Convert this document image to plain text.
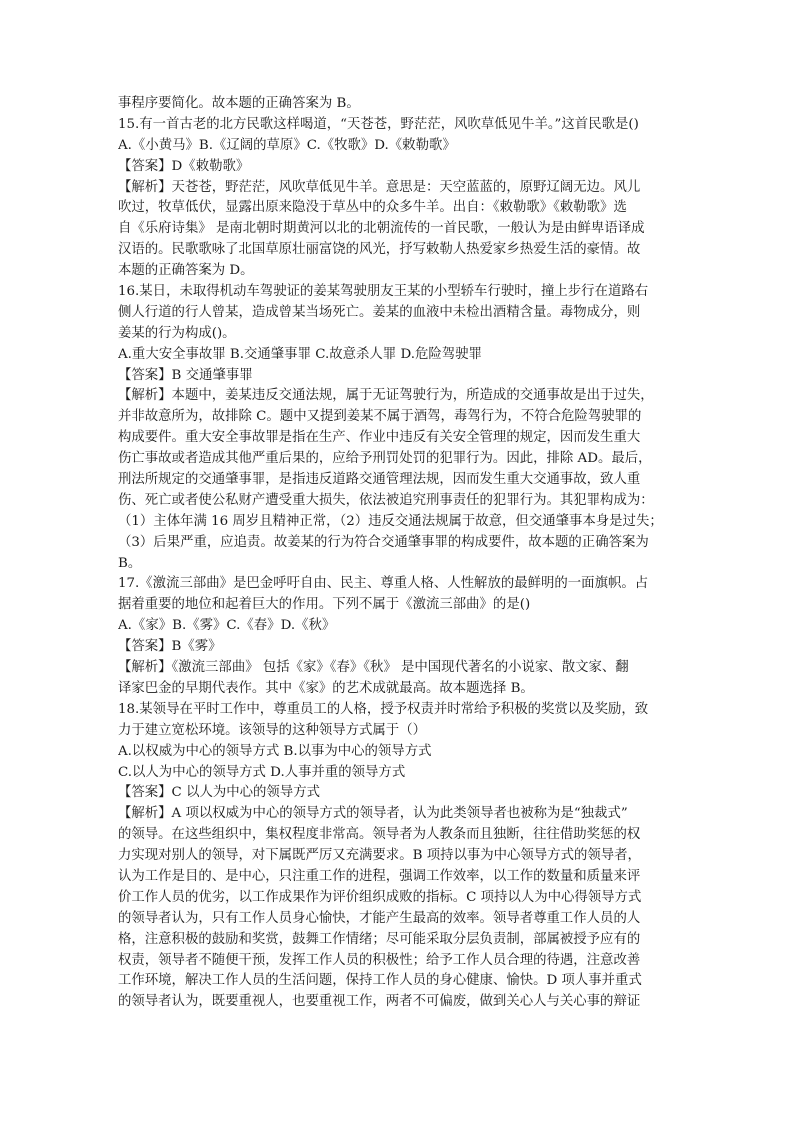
事程序要简化。故本题的正确答案为 B。
15.有一首古老的北方民歌这样喝道，“天苍苍，野茫茫，风吹草低见牛羊。”这首民歌是()
A.《小黄马》B.《辽阔的草原》C.《牧歌》D.《敕勒歌》
【答案】D《敕勒歌》
【解析】天苍苍，野茫茫，风吹草低见牛羊。意思是：天空蓝蓝的，原野辽阔无边。风儿
吹过，牧草低伏，显露出原来隐没于草丛中的众多牛羊。出自：《敕勒歌》《敕勒歌》选
自《乐府诗集》 是南北朝时期黄河以北的北朝流传的一首民歌，一般认为是由鲜卑语译成
汉语的。民歌歌咏了北国草原壮丽富饶的风光，抒写敕勒人热爱家乡热爱生活的豪情。故
本题的正确答案为 D。
16.某日，未取得机动车驾驶证的姜某驾驶朋友王某的小型轿车行驶时，撞上步行在道路右
侧人行道的行人曾某，造成曾某当场死亡。姜某的血液中未检出酒精含量。毒物成分，则
姜某的行为构成()。
A.重大安全事故罪 B.交通肇事罪 C.故意杀人罪 D.危险驾驶罪
【答案】B 交通肇事罪
【解析】本题中，姜某违反交通法规，属于无证驾驶行为，所造成的交通事故是出于过失，
并非故意所为，故排除 C。题中又提到姜某不属于酒驾，毒驾行为，不符合危险驾驶罪的
构成要件。重大安全事故罪是指在生产、作业中违反有关安全管理的规定，因而发生重大
伤亡事故或者造成其他严重后果的，应给予刑罚处罚的犯罪行为。因此，排除 AD。最后，
刑法所规定的交通肇事罪，是指违反道路交通管理法规，因而发生重大交通事故，致人重
伤、死亡或者使公私财产遭受重大损失，依法被追究刑事责任的犯罪行为。其犯罪构成为：
（1）主体年满 16 周岁且精神正常，（2）违反交通法规属于故意，但交通肇事本身是过失；
（3）后果严重，应追责。故姜某的行为符合交通肇事罪的构成要件，故本题的正确答案为
B。
17.《激流三部曲》是巴金呼吁自由、民主、尊重人格、人性解放的最鲜明的一面旗帜。占
据着重要的地位和起着巨大的作用。下列不属于《激流三部曲》的是()
A.《家》B.《雾》C.《春》D.《秋》
【答案】B《雾》
【解析】《激流三部曲》 包括《家》《春》《秋》 是中国现代著名的小说家、散文家、翻
译家巴金的早期代表作。其中《家》的艺术成就最高。故本题选择 B。
18.某领导在平时工作中，尊重员工的人格，授予权责并时常给予积极的奖赏以及奖励，致
力于建立宽松环境。该领导的这种领导方式属于（）
A.以权威为中心的领导方式 B.以事为中心的领导方式
C.以人为中心的领导方式 D.人事并重的领导方式
【答案】C 以人为中心的领导方式
【解析】A 项以权威为中心的领导方式的领导者，认为此类领导者也被称为是“独裁式”
的领导。在这些组织中，集权程度非常高。领导者为人教条而且独断，往往借助奖惩的权
力实现对别人的领导，对下属既严厉又充满要求。B 项持以事为中心领导方式的领导者，
认为工作是目的、是中心，只注重工作的进程，强调工作效率，以工作的数量和质量来评
价工作人员的优劣，以工作成果作为评价组织成败的指标。C 项持以人为中心得领导方式
的领导者认为，只有工作人员身心愉快，才能产生最高的效率。领导者尊重工作人员的人
格，注意积极的鼓励和奖赏，鼓舞工作情绪；尽可能采取分层负责制，部属被授予应有的
权责，领导者不随便干预，发挥工作人员的积极性；给予工作人员合理的待遇，注意改善
工作环境，解决工作人员的生活问题，保持工作人员的身心健康、愉快。D 项人事并重式
的领导者认为，既要重视人，也要重视工作，两者不可偏废，做到关心人与关心事的辩证
